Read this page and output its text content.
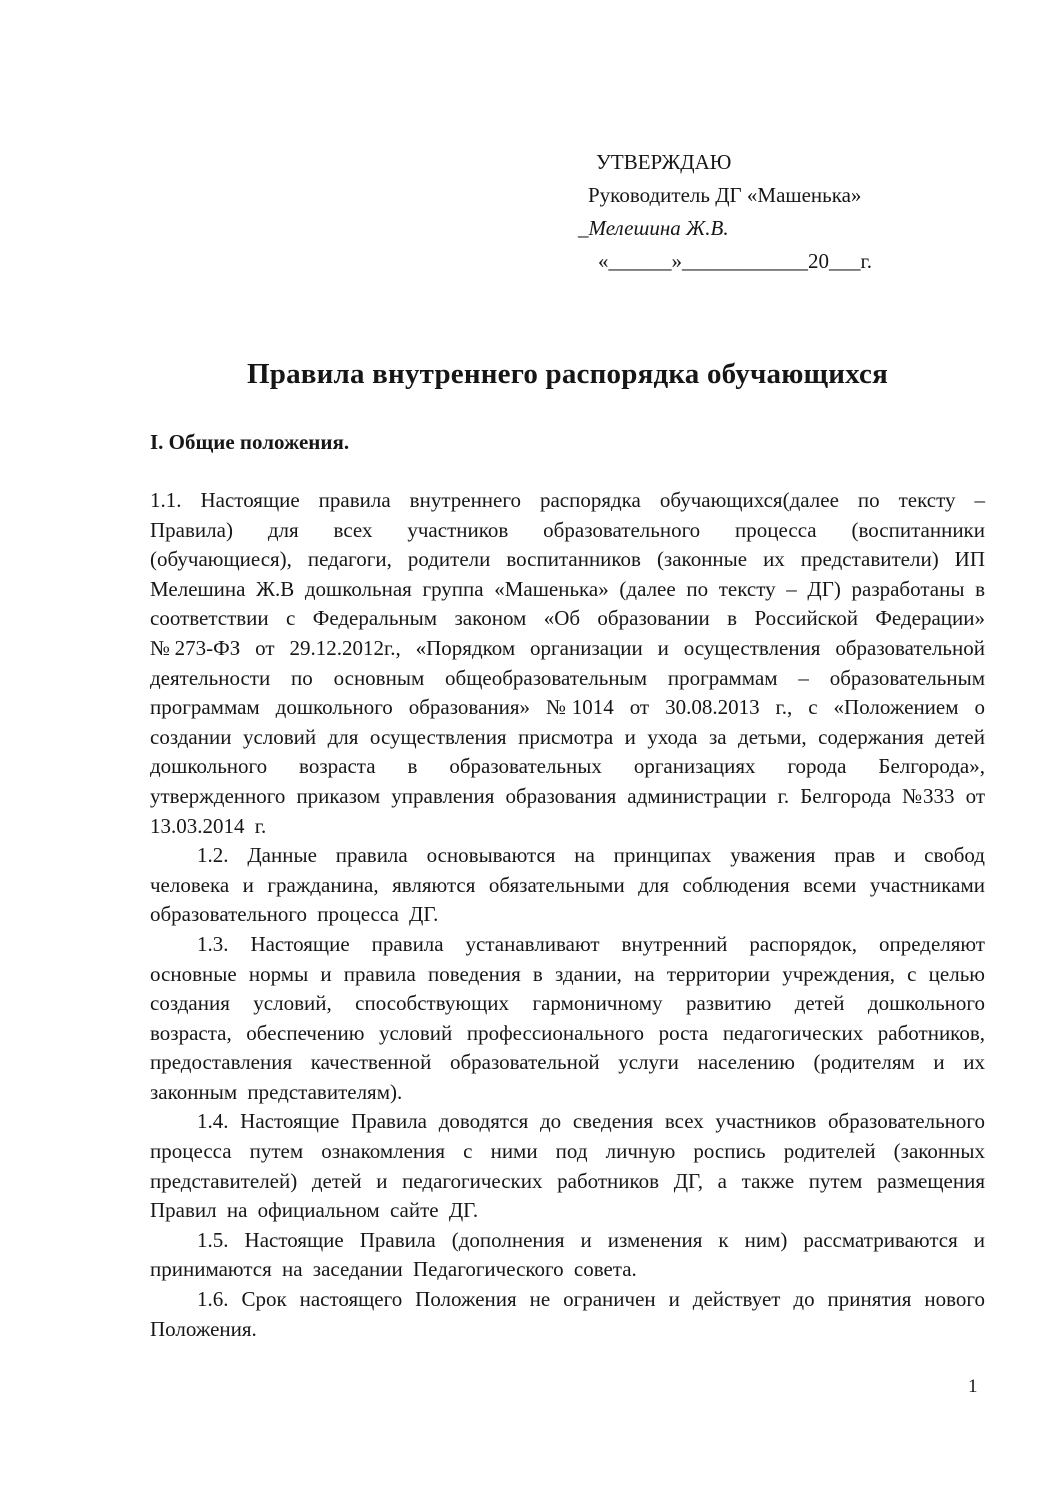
УТВЕРЖДАЮ
Руководитель ДГ «Машенька»
_Мелешина Ж.В.
«______»____________20___г.
Правила внутреннего распорядка обучающихся
I. Общие положения.

1.1. Настоящие правила внутреннего распорядка обучающихся(далее по тексту – Правила) для всех участников образовательного процесса (воспитанники (обучающиеся), педагоги, родители воспитанников (законные их представители) ИП Мелешина Ж.В дошкольная группа «Машенька» (далее по тексту – ДГ) разработаны в соответствии с Федеральным законом «Об образовании в Российской Федерации» №273-ФЗ от 29.12.2012г., «Порядком организации и осуществления образовательной деятельности по основным общеобразовательным программам – образовательным программам дошкольного образования» №1014 от 30.08.2013 г., с «Положением о создании условий для осуществления присмотра и ухода за детьми, содержания детей дошкольного возраста в образовательных организациях города Белгорода», утвержденного приказом управления образования администрации г. Белгорода №333 от 13.03.2014 г.

1.2. Данные правила основываются на принципах уважения прав и свобод человека и гражданина, являются обязательными для соблюдения всеми участниками образовательного процесса ДГ.

1.3. Настоящие правила устанавливают внутренний распорядок, определяют основные нормы и правила поведения в здании, на территории учреждения, с целью создания условий, способствующих гармоничному развитию детей дошкольного возраста, обеспечению условий профессионального роста педагогических работников, предоставления качественной образовательной услуги населению (родителям и их законным представителям).

1.4. Настоящие Правила доводятся до сведения всех участников образовательного процесса путем ознакомления с ними под личную роспись родителей (законных представителей) детей и педагогических работников ДГ, а также путем размещения Правил на официальном сайте ДГ.

1.5. Настоящие Правила (дополнения и изменения к ним) рассматриваются и принимаются на заседании Педагогического совета.

1.6. Срок настоящего Положения не ограничен и действует до принятия нового Положения.

1
